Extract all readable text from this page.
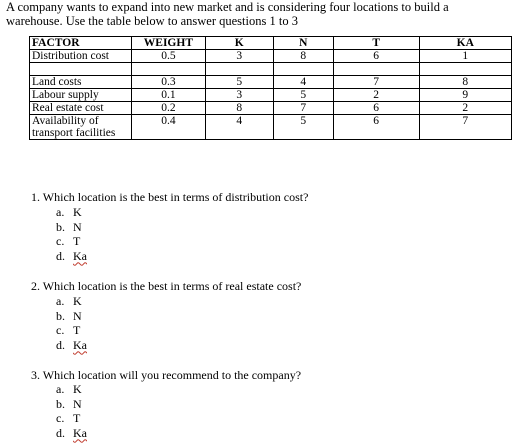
A company wants to expand into new market and is considering four locations to build a warehouse. Use the table below to answer questions 1 to 3
FACTOR	WEIGHT	K	N	T	KA
Distribution cost	0.5	3	8	6	1

Land costs	0.3	5	4	7	8
Labour supply	0.1	3	5	2	9
Real estate cost	0.2	8	7	6	2
Availability of transport facilities	0.4	4	5	6	7
1. Which location is the best in terms of distribution cost?
a. K
b. N
c. T
d. Ka
2. Which location is the best in terms of real estate cost?
a. K
b. N
c. T
d. Ka
3. Which location will you recommend to the company?
a. K
b. N
c. T
d. Ka
